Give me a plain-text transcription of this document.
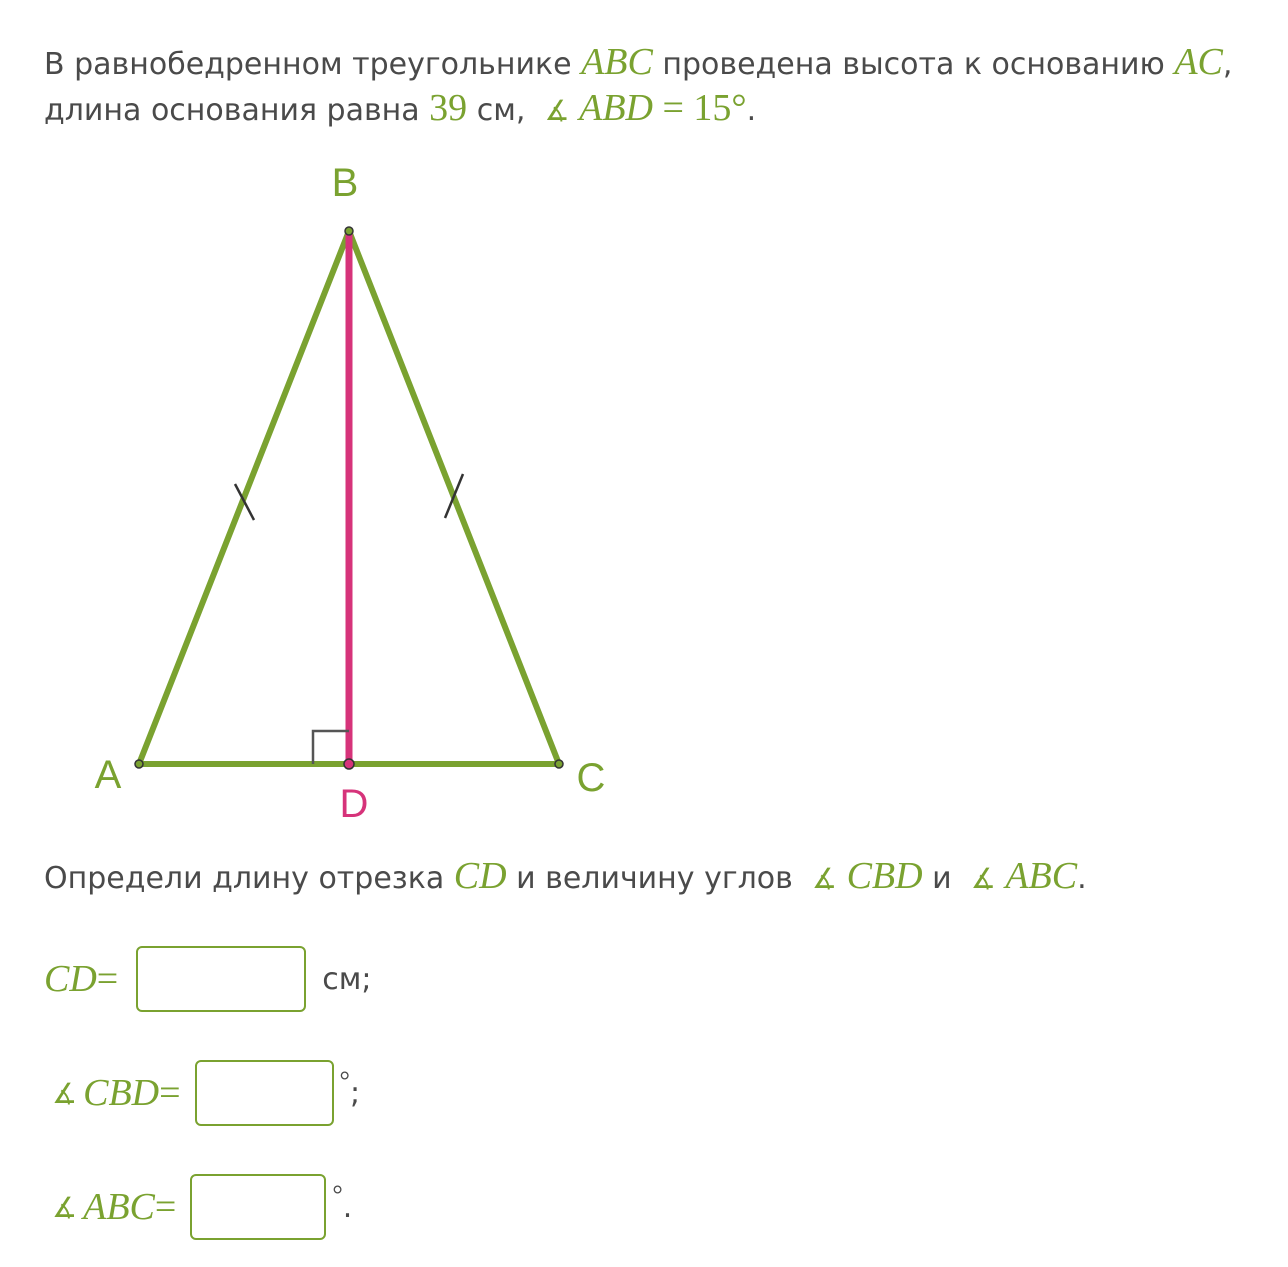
В равнобедренном треугольнике ABC проведена высота к основанию AC,
длина основания равна 39 см,  ∡ ABD = 15°.
B
A	C
D
Определи длину отрезка CD и величину углов  ∡ CBD и  ∡ ABC.
CD =	см;
∡ CBD =	° ;
∡ ABC =	° .
